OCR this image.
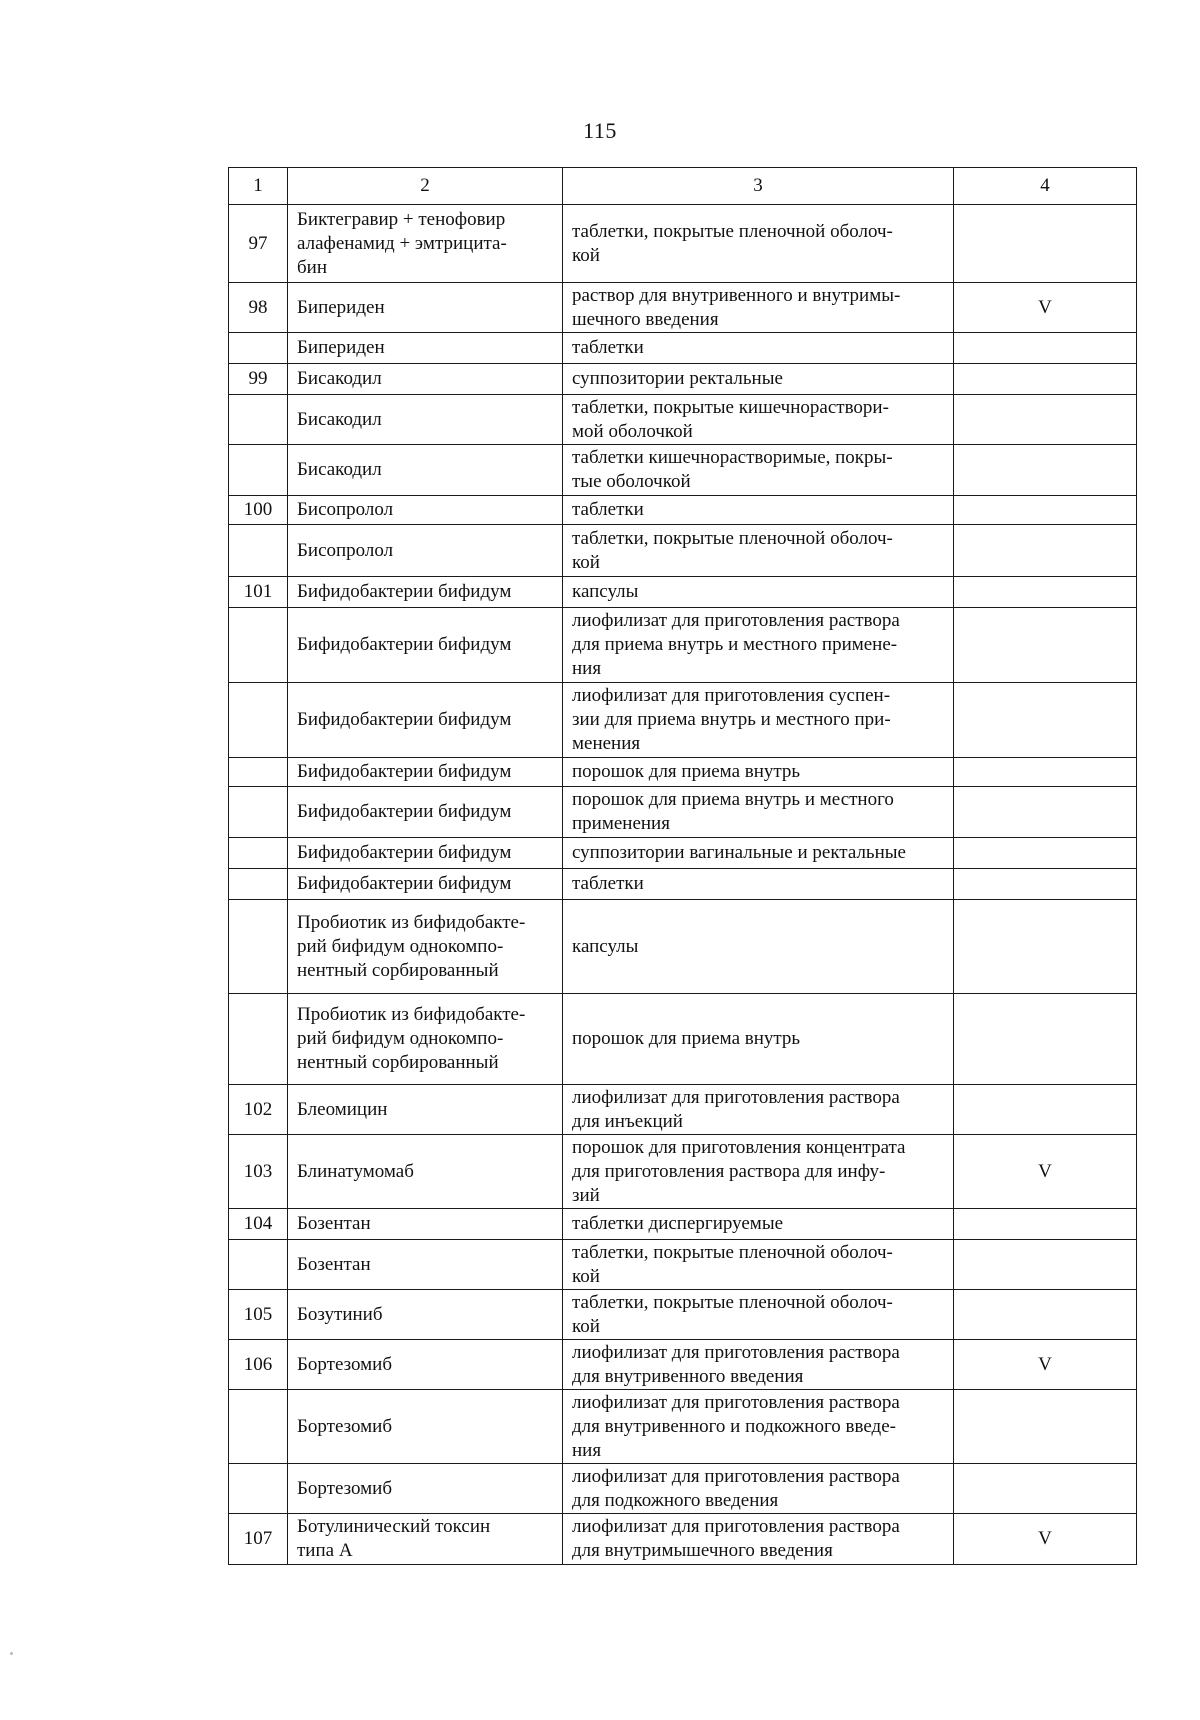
115
1	2	3	4
97	Биктегравир + тенофовир
алафенамид + эмтрицита-
бин	таблетки, покрытые пленочной оболоч-
кой	
98	Бипериден	раствор для внутривенного и внутримы-
шечного введения	V
	Бипериден	таблетки	
99	Бисакодил	суппозитории ректальные	
	Бисакодил	таблетки, покрытые кишечнораствори-
мой оболочкой	
	Бисакодил	таблетки кишечнорастворимые, покры-
тые оболочкой	
100	Бисопролол	таблетки	
	Бисопролол	таблетки, покрытые пленочной оболоч-
кой	
101	Бифидобактерии бифидум	капсулы	
	Бифидобактерии бифидум	лиофилизат для приготовления раствора
для приема внутрь и местного примене-
ния	
	Бифидобактерии бифидум	лиофилизат для приготовления суспен-
зии для приема внутрь и местного при-
менения	
	Бифидобактерии бифидум	порошок для приема внутрь	
	Бифидобактерии бифидум	порошок для приема внутрь и местного
применения	
	Бифидобактерии бифидум	суппозитории вагинальные и ректальные	
	Бифидобактерии бифидум	таблетки	
	Пробиотик из бифидобакте-
рий бифидум однокомпо-
нентный сорбированный	капсулы	
	Пробиотик из бифидобакте-
рий бифидум однокомпо-
нентный сорбированный	порошок для приема внутрь	
102	Блеомицин	лиофилизат для приготовления раствора
для инъекций	
103	Блинатумомаб	порошок для приготовления концентрата
для приготовления раствора для инфу-
зий	V
104	Бозентан	таблетки диспергируемые	
	Бозентан	таблетки, покрытые пленочной оболоч-
кой	
105	Бозутиниб	таблетки, покрытые пленочной оболоч-
кой	
106	Бортезомиб	лиофилизат для приготовления раствора
для внутривенного введения	V
	Бортезомиб	лиофилизат для приготовления раствора
для внутривенного и подкожного введе-
ния	
	Бортезомиб	лиофилизат для приготовления раствора
для подкожного введения	
107	Ботулинический токсин
типа А	лиофилизат для приготовления раствора
для внутримышечного введения	V
